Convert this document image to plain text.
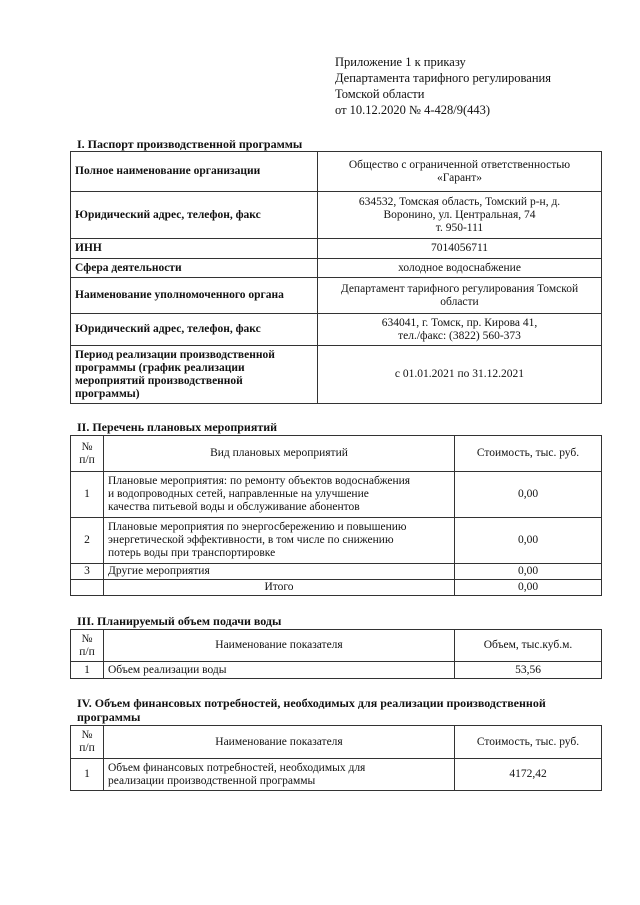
Приложение 1 к приказу
Департамента тарифного регулирования
Томской области
от 10.12.2020 № 4-428/9(443)
I. Паспорт производственной программы
Полное наименование организации	Общество с ограниченной ответственностью
«Гарант»

Юридический адрес, телефон, факс	634532, Томская область, Томский р-н, д.
Воронино, ул. Центральная, 74
т. 950-111

ИНН	7014056711

Сфера деятельности	холодное водоснабжение

Наименование уполномоченного органа	Департамент тарифного регулирования Томской
области

Юридический адрес, телефон, факс	634041, г. Томск, пр. Кирова 41,
тел./факс: (3822) 560-373

Период реализации производственной
программы (график реализации
мероприятий производственной
программы)	с 01.01.2021 по 31.12.2021
II. Перечень плановых мероприятий
№
п/п	Вид плановых мероприятий	Стоимость, тыс. руб.
1	Плановые мероприятия: по ремонту объектов водоснабжения
и водопроводных сетей, направленные на улучшение
качества питьевой воды и обслуживание абонентов	0,00
2	Плановые мероприятия по энергосбережению и повышению
энергетической эффективности, в том числе по снижению
потерь воды при транспортировке	0,00
3	Другие мероприятия	0,00
	Итого	0,00
III. Планируемый объем подачи воды
№
п/п	Наименование показателя	Объем, тыс.куб.м.
1	Объем реализации воды	53,56
IV. Объем финансовых потребностей, необходимых для реализации производственной
программы
№
п/п	Наименование показателя	Стоимость, тыс. руб.
1	Объем финансовых потребностей, необходимых для
реализации производственной программы	4172,42
